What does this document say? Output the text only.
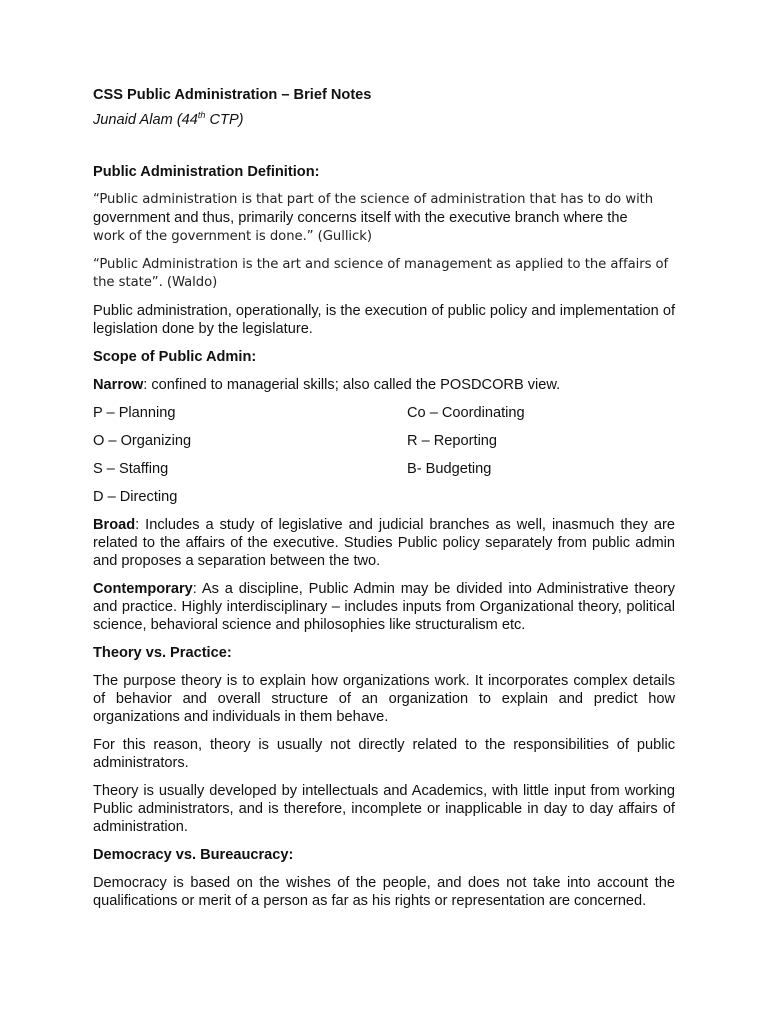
CSS Public Administration – Brief Notes

Junaid Alam (44th CTP)

Public Administration Definition:

“Public administration is that part of the science of administration that has to do with
government and thus, primarily concerns itself with the executive branch where the
work of the government is done.” (Gullick)

“Public Administration is the art and science of management as applied to the affairs of the state”. (Waldo)

Public administration, operationally, is the execution of public policy and implementation of legislation done by the legislature.

Scope of Public Admin:

Narrow: confined to managerial skills; also called the POSDCORB view.

P – Planning	Co – Coordinating
O – Organizing	R – Reporting
S – Staffing	B- Budgeting
D – Directing

Broad: Includes a study of legislative and judicial branches as well, inasmuch they are related to the affairs of the executive. Studies Public policy separately from public admin and proposes a separation between the two.

Contemporary: As a discipline, Public Admin may be divided into Administrative theory and practice. Highly interdisciplinary – includes inputs from Organizational theory, political science, behavioral science and philosophies like structuralism etc.

Theory vs. Practice:

The purpose theory is to explain how organizations work. It incorporates complex details of behavior and overall structure of an organization to explain and predict how organizations and individuals in them behave.

For this reason, theory is usually not directly related to the responsibilities of public administrators.

Theory is usually developed by intellectuals and Academics, with little input from working Public administrators, and is therefore, incomplete or inapplicable in day to day affairs of administration.

Democracy vs. Bureaucracy:

Democracy is based on the wishes of the people, and does not take into account the qualifications or merit of a person as far as his rights or representation are concerned.
